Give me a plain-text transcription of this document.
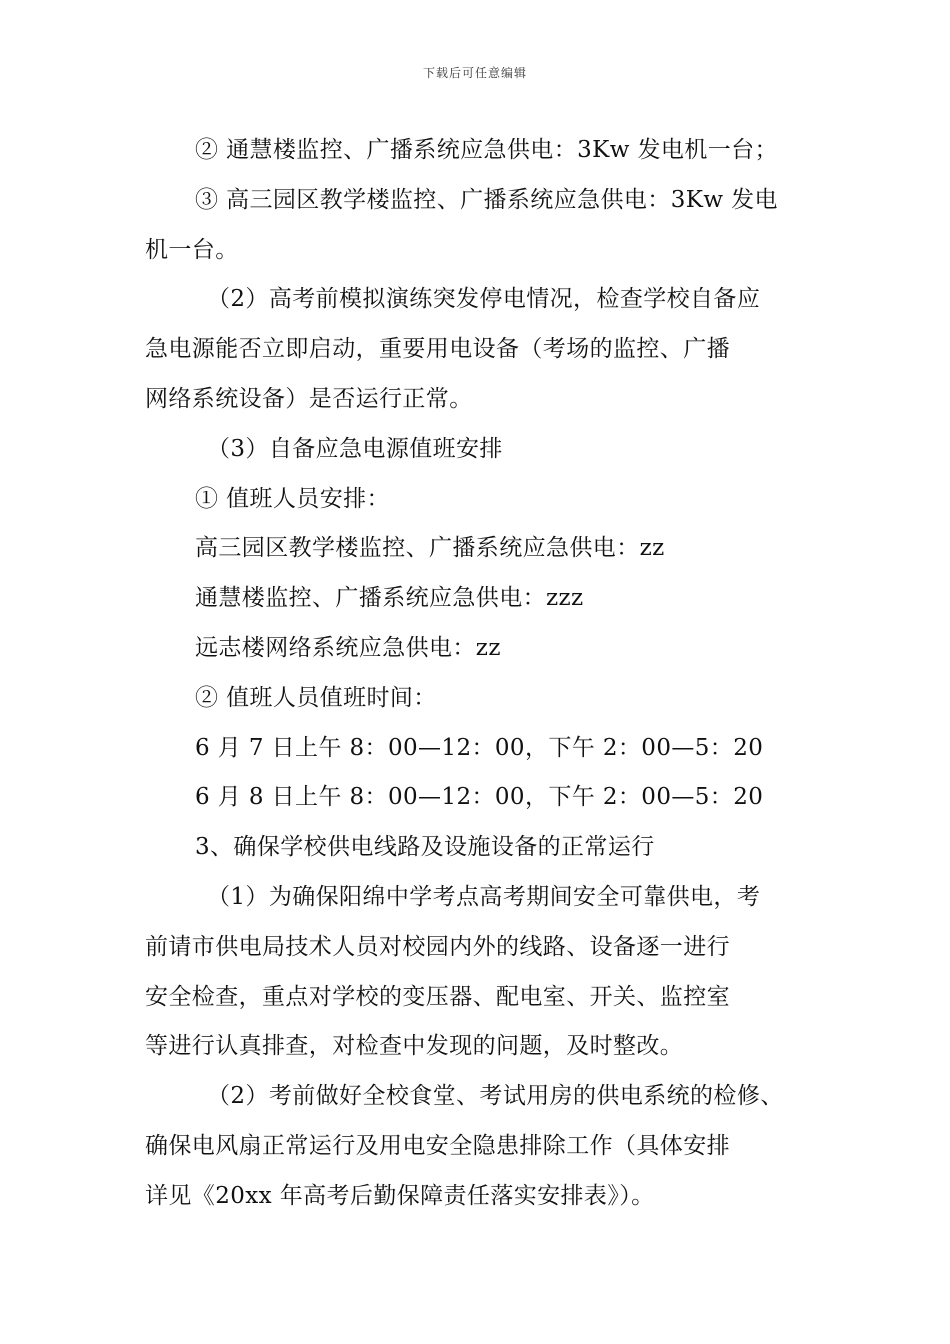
下载后可任意编辑
② 通慧楼监控、广播系统应急供电：3Kw 发电机一台；
③ 高三园区教学楼监控、广播系统应急供电：3Kw 发电
机一台。
（2）高考前模拟演练突发停电情况，检查学校自备应
急电源能否立即启动，重要用电设备（考场的监控、广播
网络系统设备）是否运行正常。
（3）自备应急电源值班安排
① 值班人员安排：
高三园区教学楼监控、广播系统应急供电：zz
通慧楼监控、广播系统应急供电：zzz
远志楼网络系统应急供电：zz
② 值班人员值班时间：
6 月 7 日上午 8：00—12：00，下午 2：00—5：20
6 月 8 日上午 8：00—12：00，下午 2：00—5：20
3、确保学校供电线路及设施设备的正常运行
（1）为确保阳绵中学考点高考期间安全可靠供电，考
前请市供电局技术人员对校园内外的线路、设备逐一进行
安全检查，重点对学校的变压器、配电室、开关、监控室
等进行认真排查，对检查中发现的问题，及时整改。
（2）考前做好全校食堂、考试用房的供电系统的检修、
确保电风扇正常运行及用电安全隐患排除工作（具体安排
详见《20xx 年高考后勤保障责任落实安排表》）。
